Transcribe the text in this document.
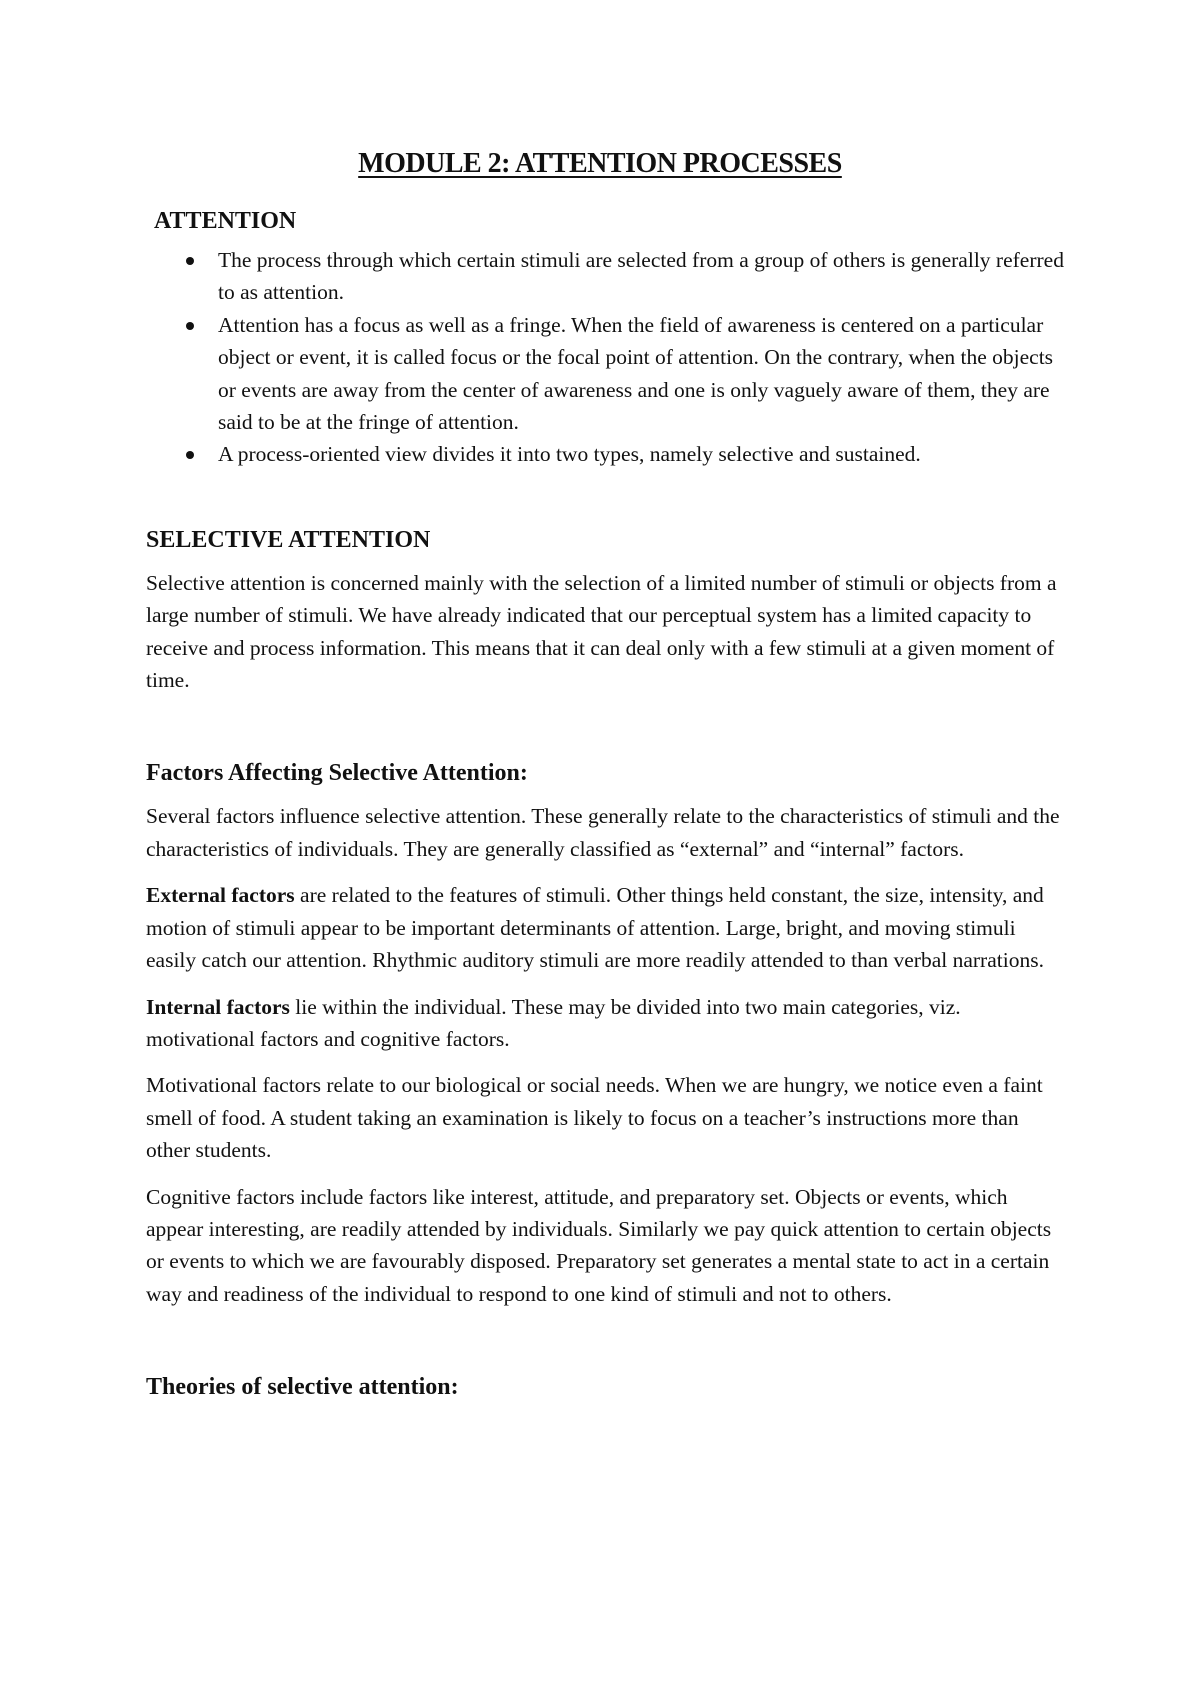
MODULE 2: ATTENTION PROCESSES
ATTENTION
The process through which certain stimuli are selected from a group of others is generally referred to as attention.
Attention has a focus as well as a fringe. When the field of awareness is centered on a particular object or event, it is called focus or the focal point of attention. On the contrary, when the objects or events are away from the center of awareness and one is only vaguely aware of them, they are said to be at the fringe of attention.
A process-oriented view divides it into two types, namely selective and sustained.
SELECTIVE ATTENTION

Selective attention is concerned mainly with the selection of a limited number of stimuli or objects from a large number of stimuli. We have already indicated that our perceptual system has a limited capacity to receive and process information. This means that it can deal only with a few stimuli at a given moment of time.

Factors Affecting Selective Attention:

Several factors influence selective attention. These generally relate to the characteristics of stimuli and the characteristics of individuals. They are generally classified as “external” and “internal” factors.

External factors are related to the features of stimuli. Other things held constant, the size, intensity, and motion of stimuli appear to be important determinants of attention. Large, bright, and moving stimuli easily catch our attention. Rhythmic auditory stimuli are more readily attended to than verbal narrations.

Internal factors lie within the individual. These may be divided into two main categories, viz. motivational factors and cognitive factors.

Motivational factors relate to our biological or social needs. When we are hungry, we notice even a faint smell of food. A student taking an examination is likely to focus on a teacher’s instructions more than other students.

Cognitive factors include factors like interest, attitude, and preparatory set. Objects or events, which appear interesting, are readily attended by individuals. Similarly we pay quick attention to certain objects or events to which we are favourably disposed. Preparatory set generates a mental state to act in a certain way and readiness of the individual to respond to one kind of stimuli and not to others.

Theories of selective attention:
